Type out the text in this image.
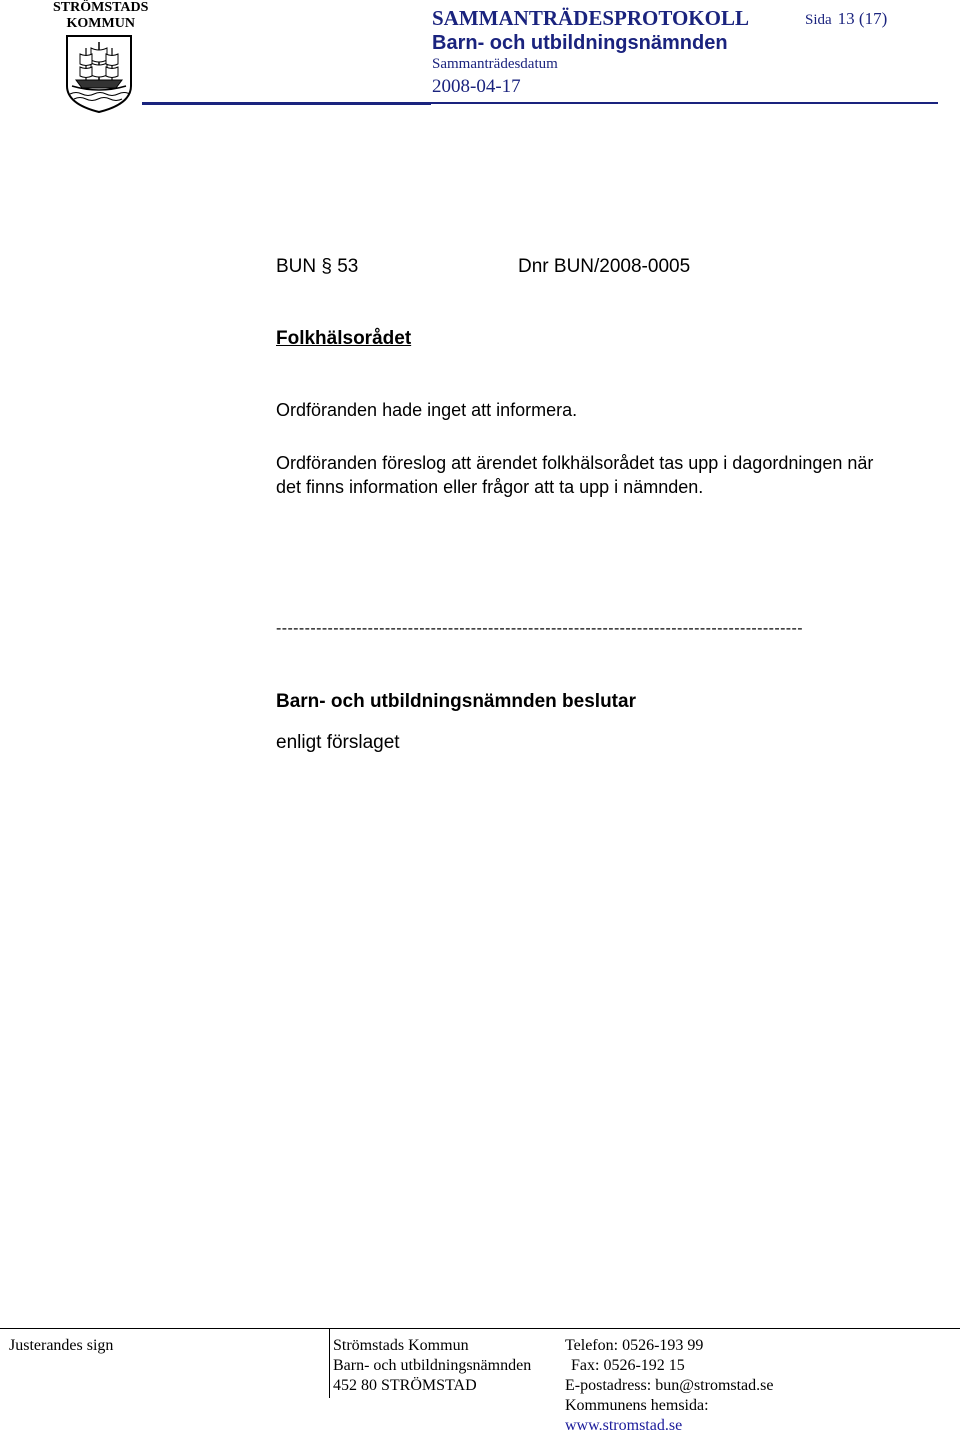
STRÖMSTADS
KOMMUN	SAMMANTRÄDESPROTOKOLL	Sida 13 (17)
Barn- och utbildningsnämnden
Sammanträdesdatum
2008-04-17
BUN § 53	Dnr BUN/2008-0005
Folkhälsorådet
Ordföranden hade inget att informera.
Ordföranden föreslog att ärendet folkhälsorådet tas upp i dagordningen när
det finns information eller frågor att ta upp i nämnden.
--------------------------------------------------------------------------------------------
Barn- och utbildningsnämnden beslutar
enligt förslaget
Justerandes sign	Strömstads Kommun
Barn- och utbildningsnämnden
452 80 STRÖMSTAD
Telefon: 0526-193 99
Fax: 0526-192 15
E-postadress: bun@stromstad.se
Kommunens hemsida:
www.stromstad.se
